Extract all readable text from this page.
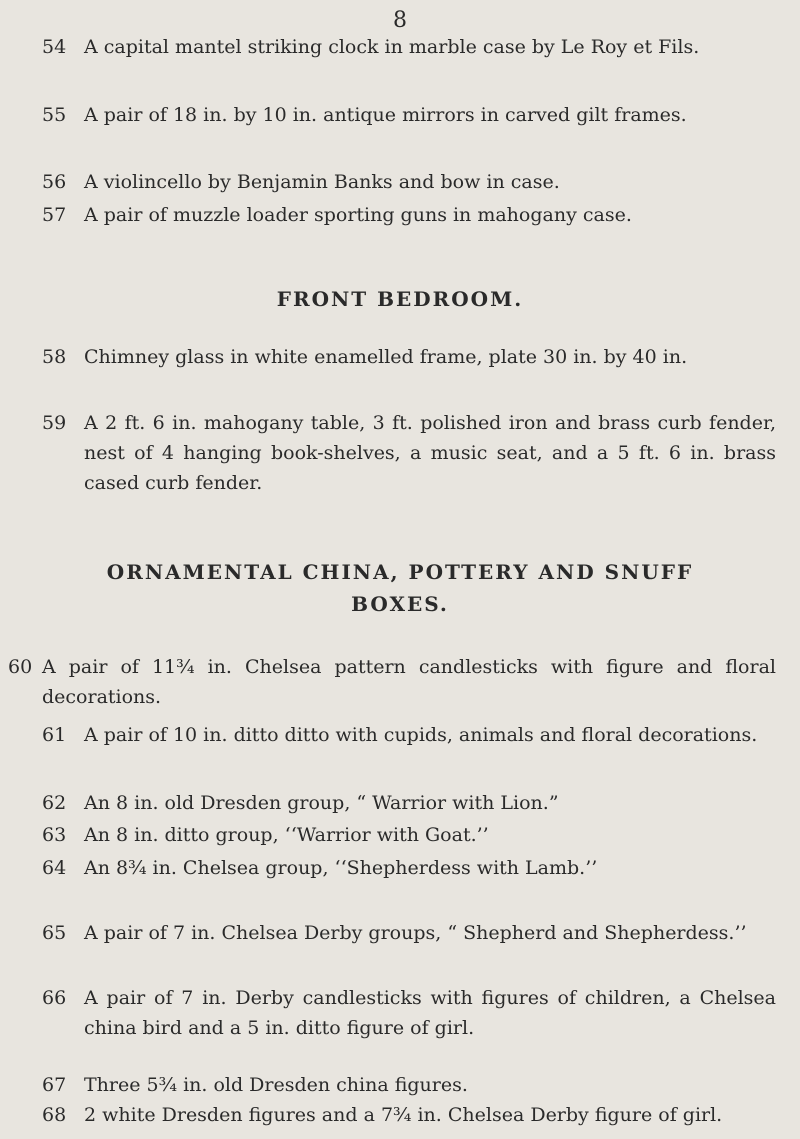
8
54 A capital mantel striking clock in marble case by Le Roy et Fils.
55 A pair of 18 in. by 10 in. antique mirrors in carved gilt frames.
56 A violincello by Benjamin Banks and bow in case.
57 A pair of muzzle loader sporting guns in mahogany case.
FRONT BEDROOM.
58 Chimney glass in white enamelled frame, plate 30 in. by 40 in.
59 A 2 ft. 6 in. mahogany table, 3 ft. polished iron and brass curb fender, nest of 4 hanging book-shelves, a music seat, and a 5 ft. 6 in. brass cased curb fender.
ORNAMENTAL CHINA, POTTERY AND SNUFF
BOXES.
60 A pair of 11¾ in. Chelsea pattern candlesticks with figure and floral decorations.
61 A pair of 10 in. ditto ditto with cupids, animals and floral decorations.
62 An 8 in. old Dresden group, “ Warrior with Lion.”
63 An 8 in. ditto group, ‘‘Warrior with Goat.’’
64 An 8¾ in. Chelsea group, ‘‘Shepherdess with Lamb.’’
65 A pair of 7 in. Chelsea Derby groups, “ Shepherd and Shepherdess.’’
66 A pair of 7 in. Derby candlesticks with figures of children, a Chelsea china bird and a 5 in. ditto figure of girl.
67 Three 5¾ in. old Dresden china figures.
68 2 white Dresden figures and a 7¾ in. Chelsea Derby figure of girl.
